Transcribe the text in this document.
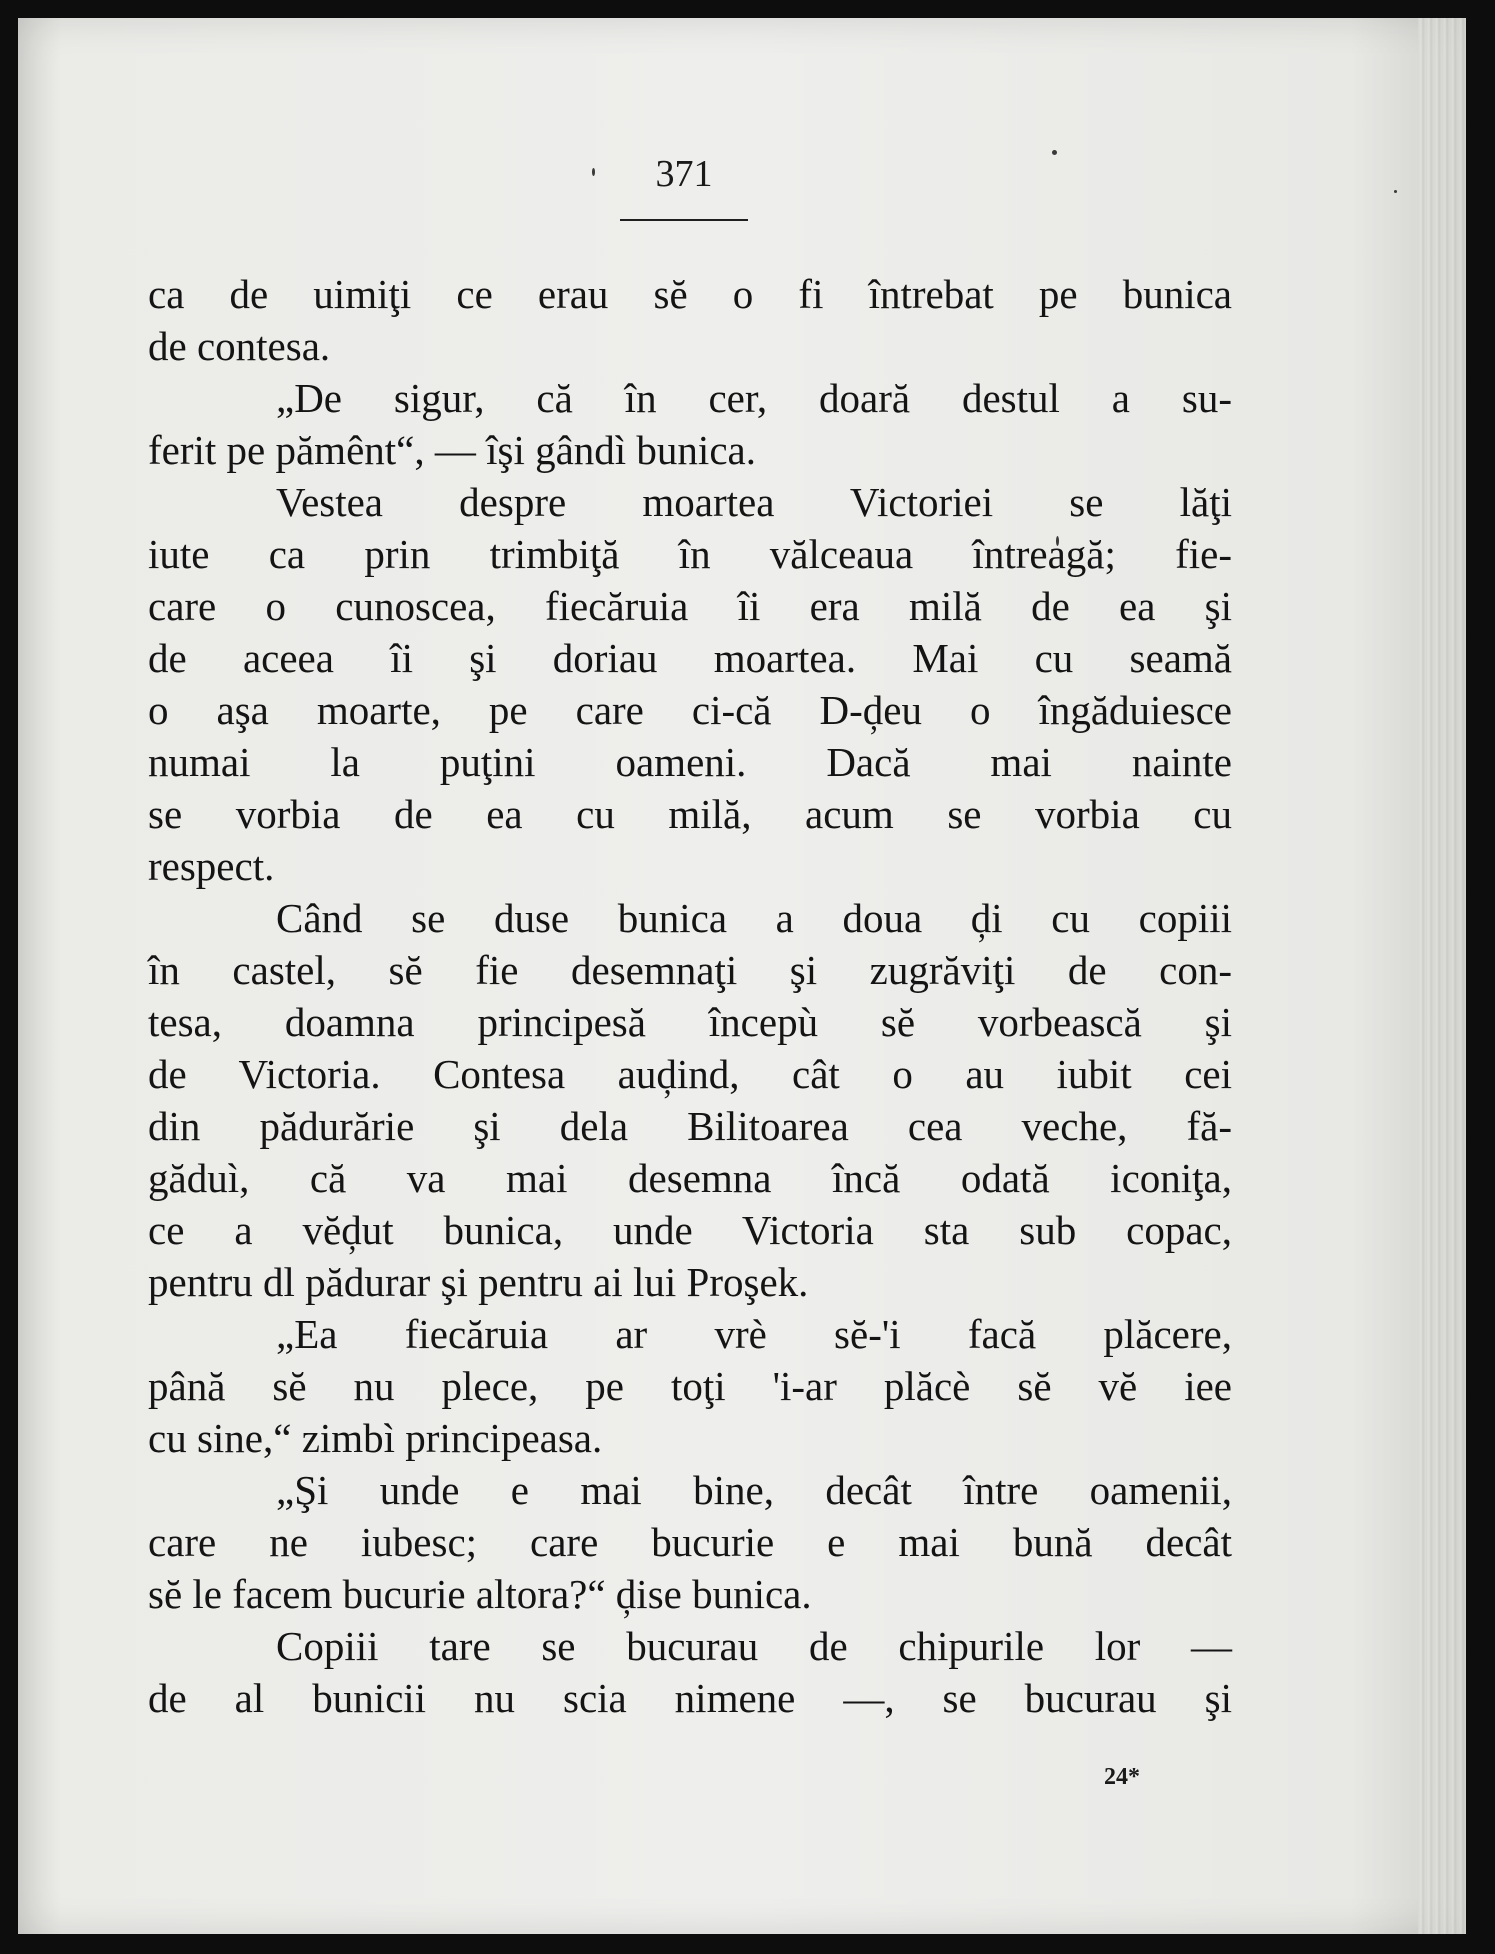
371
ca de uimiţi ce erau sĕ o fi întrebat pe bunica
de contesa.
„De sigur, că în cer, doară destul a su-
ferit pe pămênt“, — îşi gândì bunica.
Vestea despre moartea Victoriei se lăţi
iute ca prin trimbiţă în vălceaua întreagă; fie-
care o cunoscea, fiecăruia îi era milă de ea şi
de aceea îi şi doriau moartea. Mai cu seamă
o aşa moarte, pe care ci-că D-ḑeu o îngăduiesce
numai la puţini oameni. Dacă mai nainte
se vorbia de ea cu milă, acum se vorbia cu
respect.
Când se duse bunica a doua ḑi cu copiii
în castel, sĕ fie desemnaţi şi zugrăviţi de con-
tesa, doamna principesă începù sĕ vorbească şi
de Victoria. Contesa auḑind, cât o au iubit cei
din pădurărie şi dela Bilitoarea cea veche, fă-
găduì, că va mai desemna încă odată iconiţa,
ce a vĕḑut bunica, unde Victoria sta sub copac,
pentru dl pădurar şi pentru ai lui Proşek.
„Ea fiecăruia ar vrè sĕ-'i facă plăcere,
până sĕ nu plece, pe toţi 'i-ar plăcè sĕ vĕ iee
cu sine,“ zimbì principeasa.
„Şi unde e mai bine, decât între oamenii,
care ne iubesc; care bucurie e mai bună decât
sĕ le facem bucurie altora?“ ḑise bunica.
Copiii tare se bucurau de chipurile lor —
de al bunicii nu scia nimene —, se bucurau şi
24*
